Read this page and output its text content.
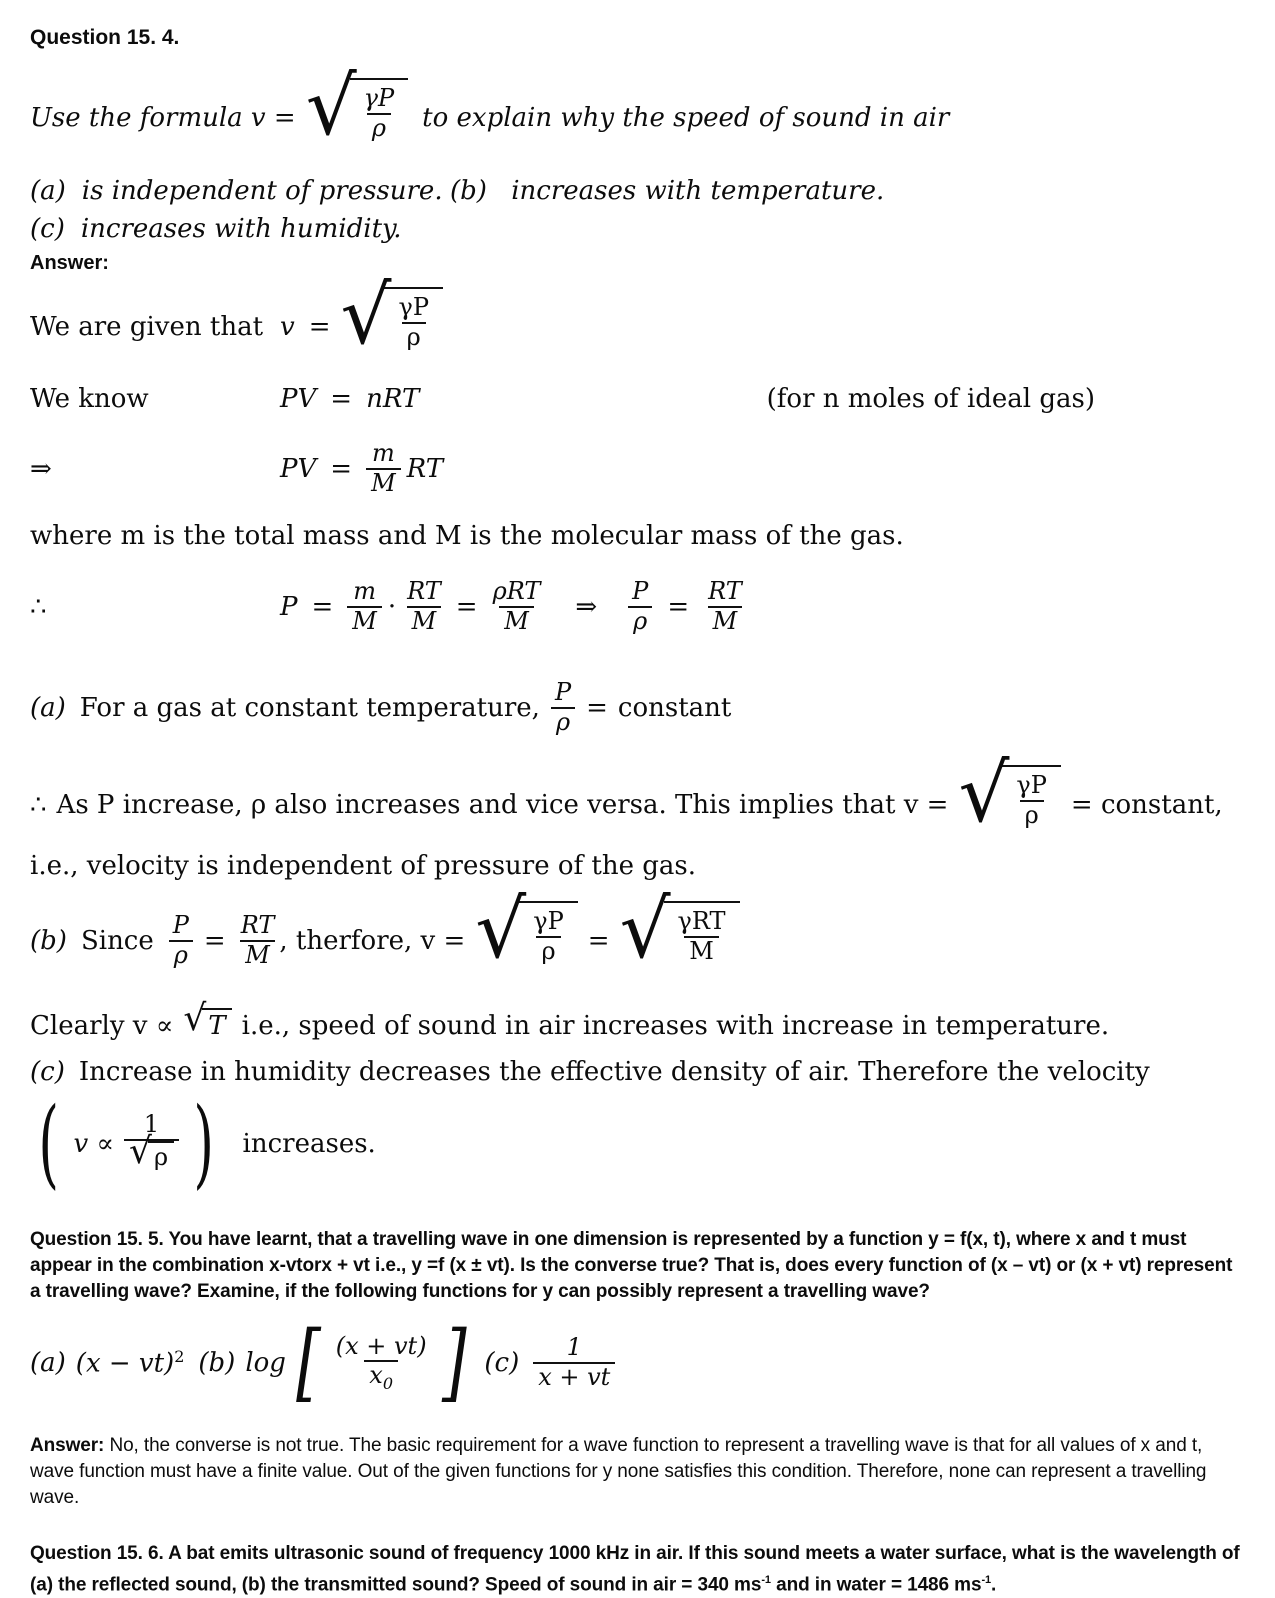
Question 15. 4.
Use the formula v = √ $\frac{\gamma P}{\rho}$ to explain why the speed of sound in air
(a) is independent of pressure. (b) increases with temperature.
(c) increases with humidity.
Answer:
We are given that v = √ $\frac{\gamma P}{\rho}$
We know	PV = nRT	(for n moles of ideal gas)
⇒	PV = $\frac{m}{M}$ RT
where m is the total mass and M is the molecular mass of the gas.
∴	$P = \frac{m}{M} \cdot \frac{RT}{M} = \frac{\text{ρRT}}{M}$ ⇒ $\frac{P}{\rho} = \frac{RT}{M}$
(a) For a gas at constant temperature, $\frac{P}{\rho}$ = constant
∴ As P increase, ρ also increases and vice versa. This implies that v = √ $\frac{\gamma P}{\rho}$ = constant,
i.e., velocity is independent of pressure of the gas.
(b) Since $\frac{P}{\rho} = \frac{RT}{M}$ , therfore, v = √ $\frac{\gamma P}{\rho}$ = √ $\frac{\text{γRT}}{M}$
Clearly v ∝ √ T i.e., speed of sound in air increases with increase in temperature.
(c) Increase in humidity decreases the effective density of air. Therefore the velocity
( $v \propto \frac{1}{√ \rho}$ ) increases.

Question 15. 5. You have learnt, that a travelling wave in one dimension is represented by a function y = f(x, t), where x and t must appear in the combination x-vtorx + vt i.e., y =f (x ± vt). Is the converse true? That is, does every function of (x – vt) or (x + vt) represent a travelling wave? Examine, if the following functions for y can possibly represent a travelling wave?

(a) (x − vt)$^2$ (b) log [ $\frac{(x + vt)}{x_0}$ ] $(c) \frac{1}{x + vt}$

Answer: No, the converse is not true. The basic requirement for a wave function to represent a travelling wave is that for all values of x and t, wave function must have a finite value. Out of the given functions for y none satisfies this condition. Therefore, none can represent a travelling wave.

Question 15. 6. A bat emits ultrasonic sound of frequency 1000 kHz in air. If this sound meets a water surface, what is the wavelength of (a) the reflected sound, (b) the transmitted sound? Speed of sound in air = 340 $ms^{-1}$ and in water = 1486 $ms^{-1}$.
